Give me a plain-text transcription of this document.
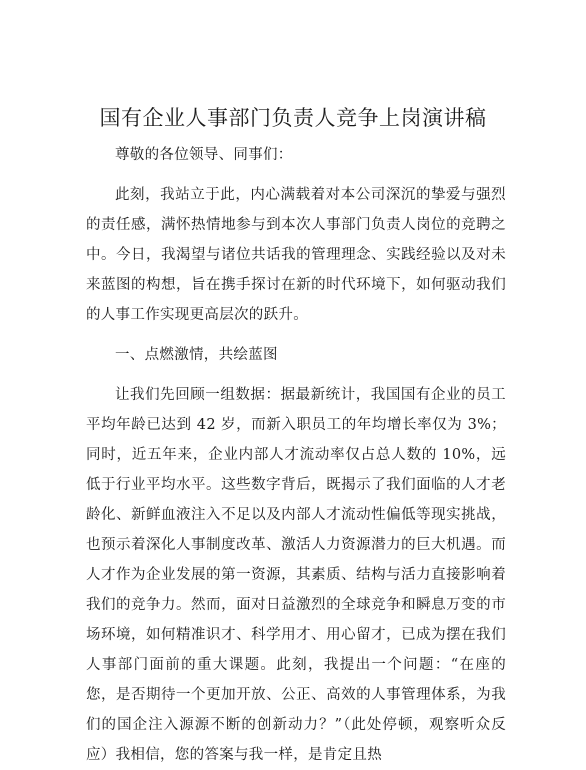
国有企业人事部门负责人竞争上岗演讲稿

尊敬的各位领导、同事们：

此刻，我站立于此，内心满载着对本公司深沉的挚爱与强烈的责任感，满怀热情地参与到本次人事部门负责人岗位的竞聘之中。今日，我渴望与诸位共话我的管理理念、实践经验以及对未来蓝图的构想，旨在携手探讨在新的时代环境下，如何驱动我们的人事工作实现更高层次的跃升。

一、点燃激情，共绘蓝图

让我们先回顾一组数据：据最新统计，我国国有企业的员工平均年龄已达到 42 岁，而新入职员工的年均增长率仅为 3%；同时，近五年来，企业内部人才流动率仅占总人数的 10%，远低于行业平均水平。这些数字背后，既揭示了我们面临的人才老龄化、新鲜血液注入不足以及内部人才流动性偏低等现实挑战，也预示着深化人事制度改革、激活人力资源潜力的巨大机遇。而人才作为企业发展的第一资源，其素质、结构与活力直接影响着我们的竞争力。然而，面对日益激烈的全球竞争和瞬息万变的市场环境，如何精准识才、科学用才、用心留才，已成为摆在我们人事部门面前的重大课题。此刻，我提出一个问题：“在座的您，是否期待一个更加开放、公正、高效的人事管理体系，为我们的国企注入源源不断的创新动力？”（此处停顿，观察听众反应）我相信，您的答案与我一样，是肯定且热
